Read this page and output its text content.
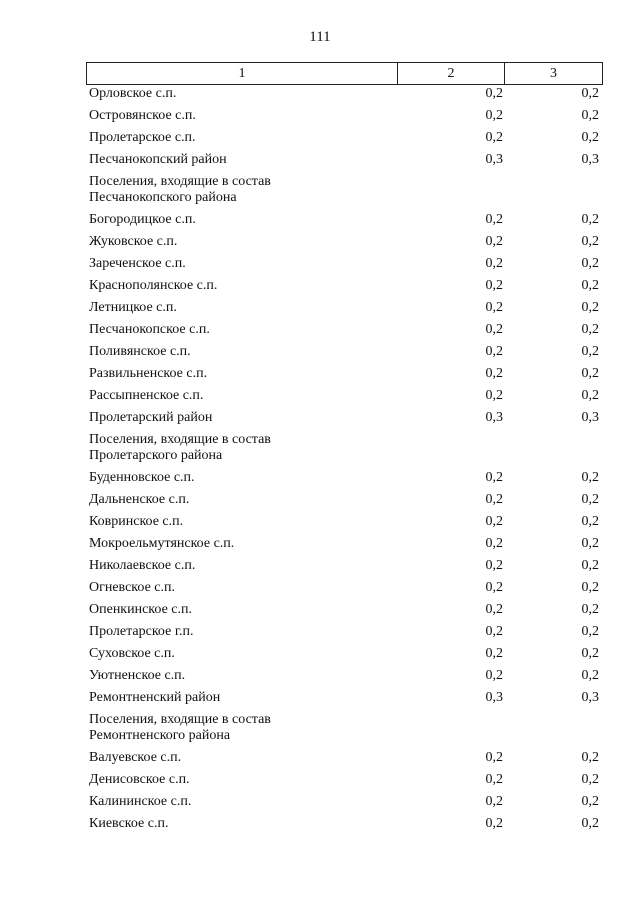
111
1	2	3
Орловское с.п.	0,2	0,2
Островянское с.п.	0,2	0,2
Пролетарское с.п.	0,2	0,2
Песчанокопский район	0,3	0,3
Поселения, входящие в состав
Песчанокопского района
Богородицкое с.п.	0,2	0,2
Жуковское с.п.	0,2	0,2
Зареченское с.п.	0,2	0,2
Краснополянское с.п.	0,2	0,2
Летницкое с.п.	0,2	0,2
Песчанокопское с.п.	0,2	0,2
Поливянское с.п.	0,2	0,2
Развильненское с.п.	0,2	0,2
Рассыпненское с.п.	0,2	0,2
Пролетарский район	0,3	0,3
Поселения, входящие в состав
Пролетарского района
Буденновское с.п.	0,2	0,2
Дальненское с.п.	0,2	0,2
Ковринское с.п.	0,2	0,2
Мокроельмутянское с.п.	0,2	0,2
Николаевское с.п.	0,2	0,2
Огневское с.п.	0,2	0,2
Опенкинское с.п.	0,2	0,2
Пролетарское г.п.	0,2	0,2
Суховское с.п.	0,2	0,2
Уютненское с.п.	0,2	0,2
Ремонтненский район	0,3	0,3
Поселения, входящие в состав
Ремонтненского района
Валуевское с.п.	0,2	0,2
Денисовское с.п.	0,2	0,2
Калининское с.п.	0,2	0,2
Киевское с.п.	0,2	0,2
